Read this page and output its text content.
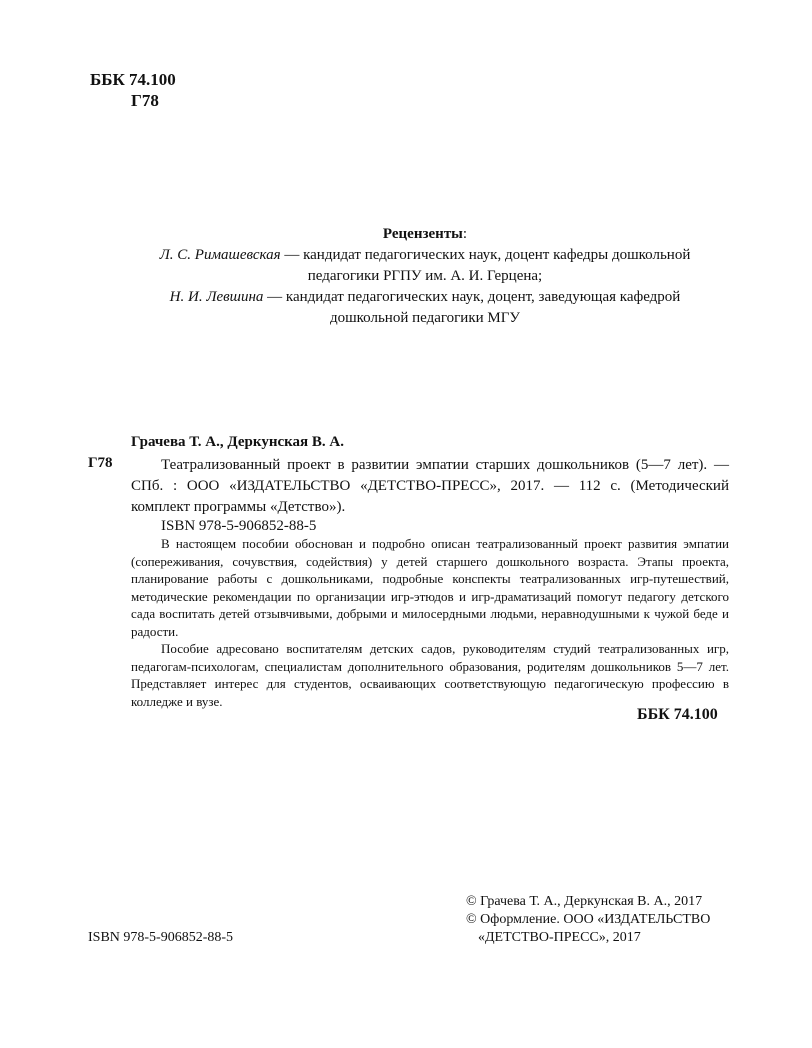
ББК 74.100
Г78
Рецензенты:
Л. С. Римашевская — кандидат педагогических наук, доцент кафедры дошкольной
педагогики РГПУ им. А. И. Герцена;
Н. И. Левшина — кандидат педагогических наук, доцент, заведующая кафедрой
дошкольной педагогики МГУ
Грачева Т. А., Деркунская В. А.
Г78	Театрализованный проект в развитии эмпатии старших дошкольников (5—7 лет). — СПб. : ООО «ИЗДАТЕЛЬСТВО «ДЕТСТВО-ПРЕСС», 2017. — 112 с. (Методический комплект программы «Детство»).

ISBN 978-5-906852-88-5

В настоящем пособии обоснован и подробно описан театрализованный проект развития эмпатии (сопереживания, сочувствия, содействия) у детей старшего дошкольного возраста. Этапы проекта, планирование работы с дошкольниками, подробные конспекты театрализованных игр-путешествий, методические рекомендации по организации игр-этюдов и игр-драматизаций помогут педагогу детского сада воспитать детей отзывчивыми, добрыми и милосердными людьми, неравнодушными к чужой беде и радости.

Пособие адресовано воспитателям детских садов, руководителям студий театрализованных игр, педагогам-психологам, специалистам дополнительного образования, родителям дошкольников 5—7 лет. Представляет интерес для студентов, осваивающих соответствующую педагогическую профессию в колледже и вузе.

ББК 74.100
© Грачева Т. А., Деркунская В. А., 2017
© Оформление. ООО «ИЗДАТЕЛЬСТВО
«ДЕТСТВО-ПРЕСС», 2017
ISBN 978-5-906852-88-5
